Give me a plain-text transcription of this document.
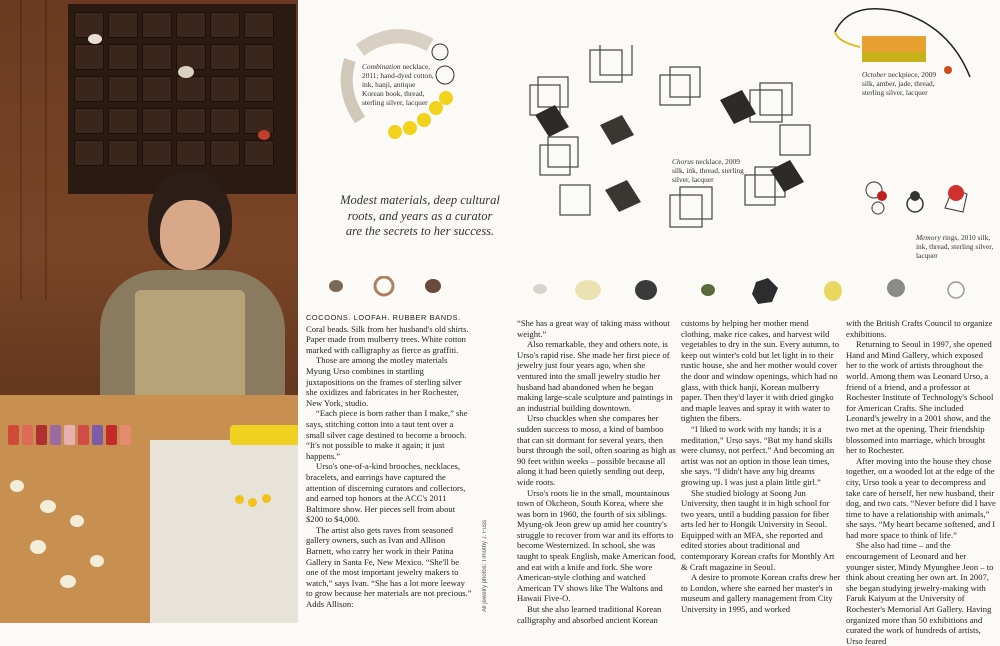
Combination necklace, 2011; hand-dyed cotton, ink, hanji, antique Korean book, thread, sterling silver, lacquer
Chorus necklace, 2009 silk, ink, thread, sterling silver, lacquer
October neckpiece, 2009 silk, amber, jade, thread, sterling silver, lacquer
Memory rings, 2010 silk, ink, thread, sterling silver, lacquer
Modest materials, deep cultural roots, and years as a curator are the secrets to her success.
All jewelry photos: Timothy J. Fuss

COCOONS. LOOFAH. RUBBER BANDS.

Coral beads. Silk from her husband's old shirts. Paper made from mulberry trees. White cotton marked with calligraphy as fierce as graffiti.

Those are among the motley materials Myung Urso combines in startling juxtapositions on the frames of sterling silver she oxidizes and fabricates in her Rochester, New York, studio.

“Each piece is born rather than I make,” she says, stitching cotton into a taut tent over a small silver cage destined to become a brooch. “It's not possible to make it again; it just happens.”

Urso's one-of-a-kind brooches, necklaces, bracelets, and earrings have captured the attention of discerning curators and collectors, and earned top honors at the ACC's 2011 Baltimore show. Her pieces sell from about $200 to $4,000.

The artist also gets raves from seasoned gallery owners, such as Ivan and Allison Barnett, who carry her work in their Patina Gallery in Santa Fe, New Mexico. “She'll be one of the most important jewelry makers to watch,” says Ivan. “She has a lot more leeway to grow because her materials are not precious.” Adds Allison:

“She has a great way of taking mass without weight.”

Also remarkable, they and others note, is Urso's rapid rise. She made her first piece of jewelry just four years ago, when she ventured into the small jewelry studio her husband had abandoned when he began making large-scale sculpture and paintings in an industrial building downtown.

Urso chuckles when she compares her sudden success to moso, a kind of bamboo that can sit dormant for several years, then burst through the soil, often soaring as high as 90 feet within weeks – possible because all along it had been quietly sending out deep, wide roots.

Urso's roots lie in the small, mountainous town of Okcheon, South Korea, where she was born in 1960, the fourth of six siblings. Myung-ok Jeon grew up amid her country's struggle to recover from war and its efforts to become Westernized. In school, she was taught to speak English, make American food, and eat with a knife and fork. She wore American-style clothing and watched American TV shows like The Waltons and Hawaii Five-O.

But she also learned traditional Korean calligraphy and absorbed ancient Korean

customs by helping her mother mend clothing, make rice cakes, and harvest wild vegetables to dry in the sun. Every autumn, to keep out winter's cold but let light in to their rustic house, she and her mother would cover the door and window openings, which had no glass, with thick hanji, Korean mulberry paper. Then they'd layer it with dried gingko and maple leaves and spray it with water to tighten the fibers.

“I liked to work with my hands; it is a meditation,” Urso says. “But my hand skills were clumsy, not perfect.” And becoming an artist was not an option in those lean times, she says. “I didn't have any big dreams growing up. I was just a plain little girl.”

She studied biology at Soong Jun University, then taught it in high school for two years, until a budding passion for fiber arts led her to Hongik University in Seoul. Equipped with an MFA, she reported and edited stories about traditional and contemporary Korean crafts for Monthly Art & Craft magazine in Seoul.

A desire to promote Korean crafts drew her to London, where she earned her master's in museum and gallery management from City University in 1995, and worked

with the British Crafts Council to organize exhibitions.

Returning to Seoul in 1997, she opened Hand and Mind Gallery, which exposed her to the work of artists throughout the world. Among them was Leonard Urso, a friend of a friend, and a professor at Rochester Institute of Technology's School for American Crafts. She included Leonard's jewelry in a 2001 show, and the two met at the opening. Their friendship blossomed into marriage, which brought her to Rochester.

After moving into the house they chose together, on a wooded lot at the edge of the city, Urso took a year to decompress and take care of herself, her new husband, their dog, and two cats. “Never before did I have time to have a relationship with animals,” she says. “My heart became softened, and I had more space to think of life.”

She also had time – and the encouragement of Leonard and her younger sister, Mindy Myunghee Jeon – to think about creating her own art. In 2007, she began studying jewelry-making with Faruk Kaiyum at the University of Rochester's Memorial Art Gallery. Having organized more than 50 exhibitions and curated the work of hundreds of artists, Urso feared
